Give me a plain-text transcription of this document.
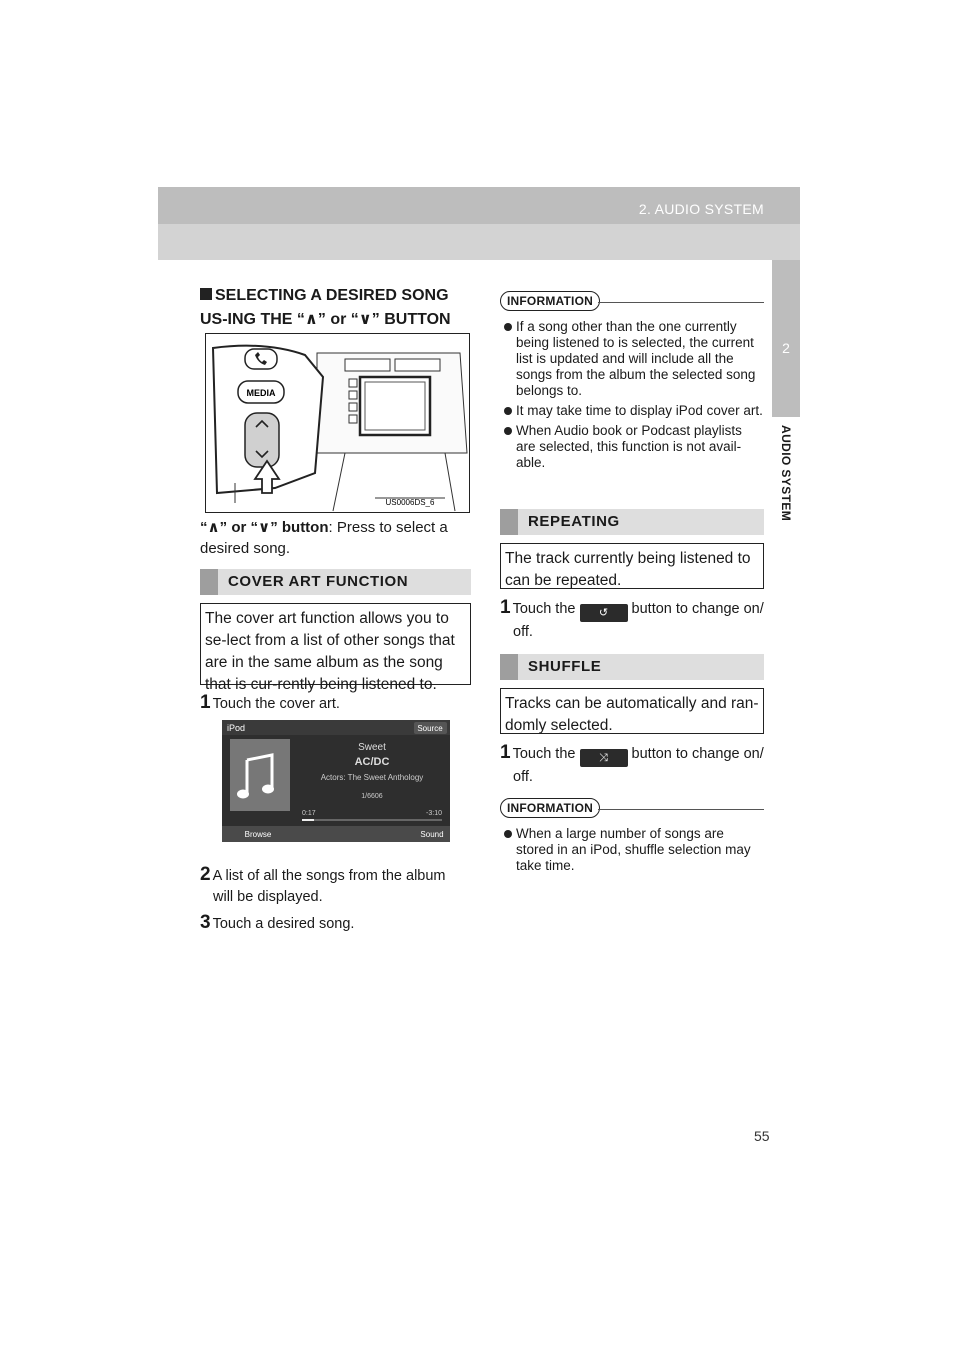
2. AUDIO SYSTEM
2
AUDIO SYSTEM
SELECTING A DESIRED SONG US-ING THE “∧” or “∨” BUTTON
MEDIA
US0006DS_6
“∧” or “∨” button: Press to select a desired song.
COVER ART FUNCTION
The cover art function allows you to se-lect from a list of other songs that are in the same album as the song that is cur-rently being listened to.
1 Touch the cover art.
iPod	Source
Sweet
AC/DC
Actors: The Sweet Anthology
1/6606
0:17	-3:10
Browse	Sound
2 A list of all the songs from the album
will be displayed.
3 Touch a desired song.
INFORMATION
If a song other than the one currently being listened to is selected, the current list is updated and will include all the songs from the album the selected song belongs to.
It may take time to display iPod cover art.
When Audio book or Podcast playlists are selected, this function is not avail-able.
REPEATING
The track currently being listened to can be repeated.
1 Touch the ↺ button to change on/
off.
SHUFFLE
Tracks can be automatically and ran-domly selected.
1 Touch the ⤨ button to change on/
off.
INFORMATION
When a large number of songs are stored in an iPod, shuffle selection may take time.
55
